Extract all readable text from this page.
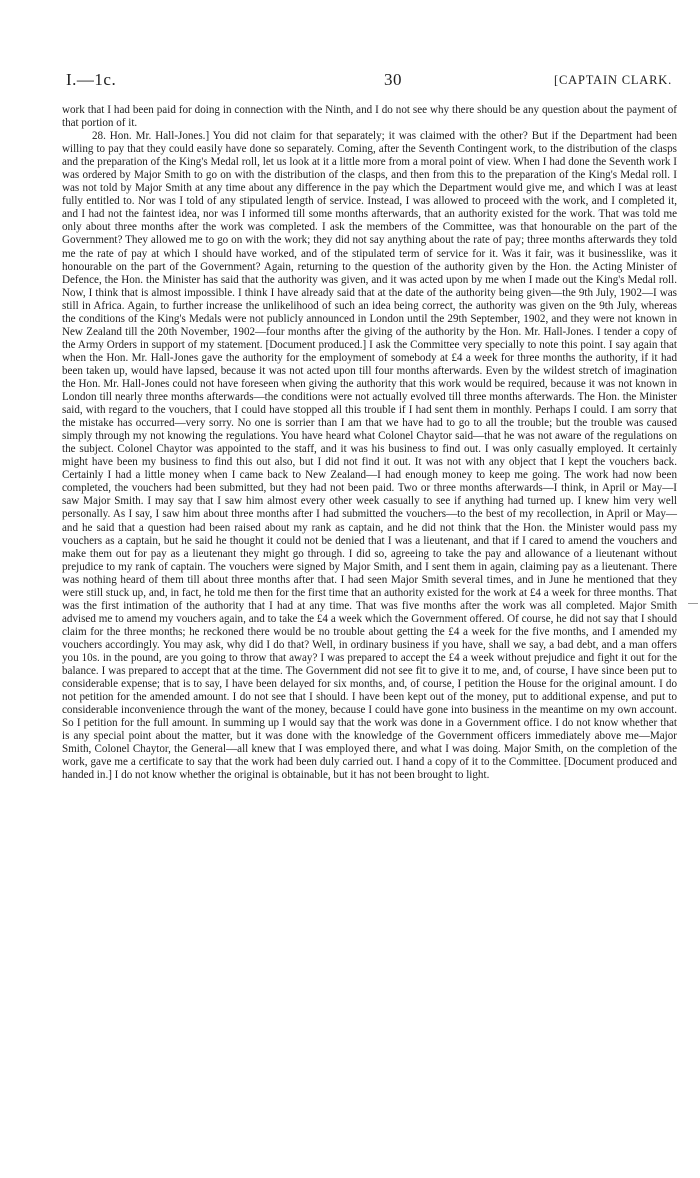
I.—1c.	30	[CAPTAIN CLARK.

work that I had been paid for doing in connection with the Ninth, and I do not see why there should be any question about the payment of that portion of it.

28. Hon. Mr. Hall-Jones.] You did not claim for that separately; it was claimed with the other? But if the Department had been willing to pay that they could easily have done so separately. Coming, after the Seventh Contingent work, to the distribution of the clasps and the preparation of the King's Medal roll, let us look at it a little more from a moral point of view. When I had done the Seventh work I was ordered by Major Smith to go on with the distribution of the clasps, and then from this to the preparation of the King's Medal roll. I was not told by Major Smith at any time about any difference in the pay which the Department would give me, and which I was at least fully entitled to. Nor was I told of any stipulated length of service. Instead, I was allowed to proceed with the work, and I completed it, and I had not the faintest idea, nor was I informed till some months afterwards, that an authority existed for the work. That was told me only about three months after the work was completed. I ask the members of the Committee, was that honourable on the part of the Government? They allowed me to go on with the work; they did not say anything about the rate of pay; three months afterwards they told me the rate of pay at which I should have worked, and of the stipulated term of service for it. Was it fair, was it businesslike, was it honourable on the part of the Government? Again, returning to the question of the authority given by the Hon. the Acting Minister of Defence, the Hon. the Minister has said that the authority was given, and it was acted upon by me when I made out the King's Medal roll. Now, I think that is almost impossible. I think I have already said that at the date of the authority being given—the 9th July, 1902—I was still in Africa. Again, to further increase the unlikelihood of such an idea being correct, the authority was given on the 9th July, whereas the conditions of the King's Medals were not publicly announced in London until the 29th September, 1902, and they were not known in New Zealand till the 20th November, 1902—four months after the giving of the authority by the Hon. Mr. Hall-Jones. I tender a copy of the Army Orders in support of my statement. [Document produced.] I ask the Committee very specially to note this point. I say again that when the Hon. Mr. Hall-Jones gave the authority for the employment of somebody at £4 a week for three months the authority, if it had been taken up, would have lapsed, because it was not acted upon till four months afterwards. Even by the wildest stretch of imagination the Hon. Mr. Hall-Jones could not have foreseen when giving the authority that this work would be required, because it was not known in London till nearly three months afterwards—the conditions were not actually evolved till three months afterwards. The Hon. the Minister said, with regard to the vouchers, that I could have stopped all this trouble if I had sent them in monthly. Perhaps I could. I am sorry that the mistake has occurred—very sorry. No one is sorrier than I am that we have had to go to all the trouble; but the trouble was caused simply through my not knowing the regulations. You have heard what Colonel Chaytor said—that he was not aware of the regulations on the subject. Colonel Chaytor was appointed to the staff, and it was his business to find out. I was only casually employed. It certainly might have been my business to find this out also, but I did not find it out. It was not with any object that I kept the vouchers back. Certainly I had a little money when I came back to New Zealand—I had enough money to keep me going. The work had now been completed, the vouchers had been submitted, but they had not been paid. Two or three months afterwards—I think, in April or May—I saw Major Smith. I may say that I saw him almost every other week casually to see if anything had turned up. I knew him very well personally. As I say, I saw him about three months after I had submitted the vouchers—to the best of my recollection, in April or May—and he said that a question had been raised about my rank as captain, and he did not think that the Hon. the Minister would pass my vouchers as a captain, but he said he thought it could not be denied that I was a lieutenant, and that if I cared to amend the vouchers and make them out for pay as a lieutenant they might go through. I did so, agreeing to take the pay and allowance of a lieutenant without prejudice to my rank of captain. The vouchers were signed by Major Smith, and I sent them in again, claiming pay as a lieutenant. There was nothing heard of them till about three months after that. I had seen Major Smith several times, and in June he mentioned that they were still stuck up, and, in fact, he told me then for the first time that an authority existed for the work at £4 a week for three months. That was the first intimation of the authority that I had at any time. That was five months after the work was all completed. Major Smith advised me to amend my vouchers again, and to take the £4 a week which the Government offered. Of course, he did not say that I should claim for the three months; he reckoned there would be no trouble about getting the £4 a week for the five months, and I amended my vouchers accordingly. You may ask, why did I do that? Well, in ordinary business if you have, shall we say, a bad debt, and a man offers you 10s. in the pound, are you going to throw that away? I was prepared to accept the £4 a week without prejudice and fight it out for the balance. I was prepared to accept that at the time. The Government did not see fit to give it to me, and, of course, I have since been put to considerable expense; that is to say, I have been delayed for six months, and, of course, I petition the House for the original amount. I do not petition for the amended amount. I do not see that I should. I have been kept out of the money, put to additional expense, and put to considerable inconvenience through the want of the money, because I could have gone into business in the meantime on my own account. So I petition for the full amount. In summing up I would say that the work was done in a Government office. I do not know whether that is any special point about the matter, but it was done with the knowledge of the Government officers immediately above me—Major Smith, Colonel Chaytor, the General—all knew that I was employed there, and what I was doing. Major Smith, on the completion of the work, gave me a certificate to say that the work had been duly carried out. I hand a copy of it to the Committee. [Document produced and handed in.] I do not know whether the original is obtainable, but it has not been brought to light.
